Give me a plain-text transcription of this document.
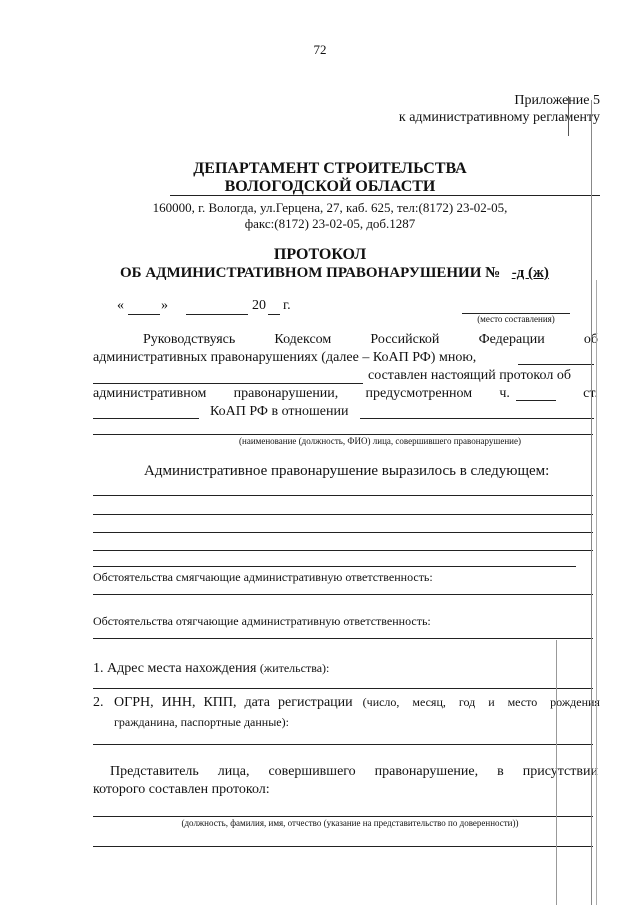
72
Приложение 5
к административному регламенту
ДЕПАРТАМЕНТ СТРОИТЕЛЬСТВА
ВОЛОГОДСКОЙ ОБЛАСТИ
160000, г. Вологда, ул.Герцена, 27, каб. 625, тел:(8172) 23-02-05,
факс:(8172) 23-02-05, доб.1287
ПРОТОКОЛ
ОБ АДМИНИСТРАТИВНОМ ПРАВОНАРУШЕНИИ № -д (ж)
«	»	20 г.
(место составления)
Руководствуясь	Кодексом	Российской	Федерации	об
административных правонарушениях (далее – КоАП РФ) мною,
составлен настоящий протокол об
административном правонарушении, предусмотренном ч.	ст.
КоАП РФ в отношении
(наименование (должность, ФИО) лица, совершившего правонарушение)
Административное правонарушение выразилось в следующем:
Обстоятельства смягчающие административную ответственность:
Обстоятельства отягчающие административную ответственность:
1. Адрес места нахождения (жительства):
2. ОГРН, ИНН, КПП, дата регистрации (число, месяц, год и место рождения
гражданина, паспортные данные):
Представитель лица, совершившего правонарушение, в присутствии
которого составлен протокол:
(должность, фамилия, имя, отчество (указание на представительство по доверенности))
